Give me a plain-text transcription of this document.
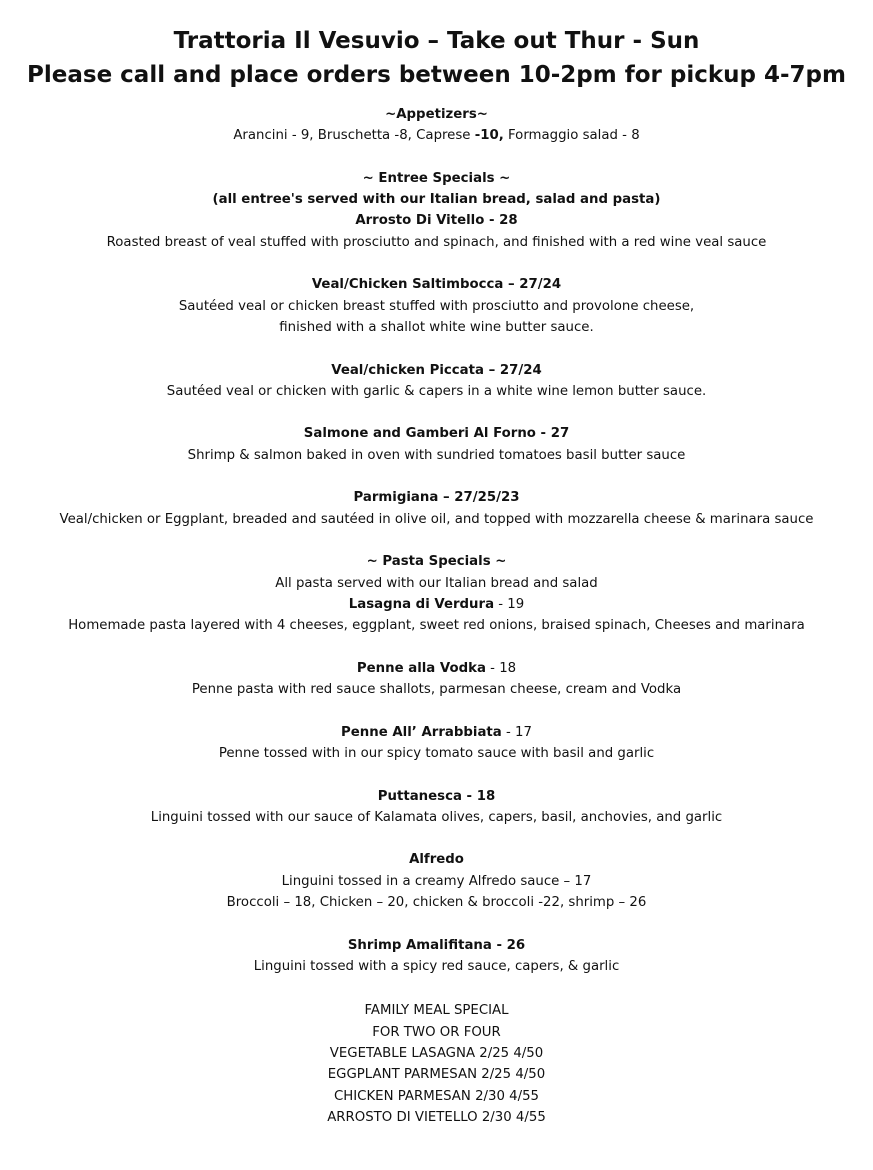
Trattoria Il Vesuvio – Take out Thur - Sun
Please call and place orders between 10-2pm for pickup 4-7pm
~Appetizers~
Arancini - 9, Bruschetta -8, Caprese -10, Formaggio salad - 8
~ Entree Specials ~
(all entree's served with our Italian bread, salad and pasta)
Arrosto Di Vitello - 28
Roasted breast of veal stuffed with prosciutto and spinach, and finished with a red wine veal sauce
Veal/Chicken Saltimbocca – 27/24
Sautéed veal or chicken breast stuffed with prosciutto and provolone cheese,
finished with a shallot white wine butter sauce.
Veal/chicken Piccata – 27/24
Sautéed veal or chicken with garlic & capers in a white wine lemon butter sauce.
Salmone and Gamberi Al Forno - 27
Shrimp & salmon baked in oven with sundried tomatoes basil butter sauce
Parmigiana – 27/25/23
Veal/chicken or Eggplant, breaded and sautéed in olive oil, and topped with mozzarella cheese & marinara sauce
~ Pasta Specials ~
All pasta served with our Italian bread and salad
Lasagna di Verdura - 19
Homemade pasta layered with 4 cheeses, eggplant, sweet red onions, braised spinach, Cheeses and marinara
Penne alla Vodka - 18
Penne pasta with red sauce shallots, parmesan cheese, cream and Vodka
Penne All’ Arrabbiata - 17
Penne tossed with in our spicy tomato sauce with basil and garlic
Puttanesca - 18
Linguini tossed with our sauce of Kalamata olives, capers, basil, anchovies, and garlic
Alfredo
Linguini tossed in a creamy Alfredo sauce – 17
Broccoli – 18, Chicken – 20, chicken & broccoli -22, shrimp – 26
Shrimp Amalifitana - 26
Linguini tossed with a spicy red sauce, capers, & garlic
FAMILY MEAL SPECIAL
FOR TWO OR FOUR
VEGETABLE LASAGNA 2/25 4/50
EGGPLANT PARMESAN 2/25 4/50
CHICKEN PARMESAN 2/30 4/55
ARROSTO DI VIETELLO 2/30 4/55
